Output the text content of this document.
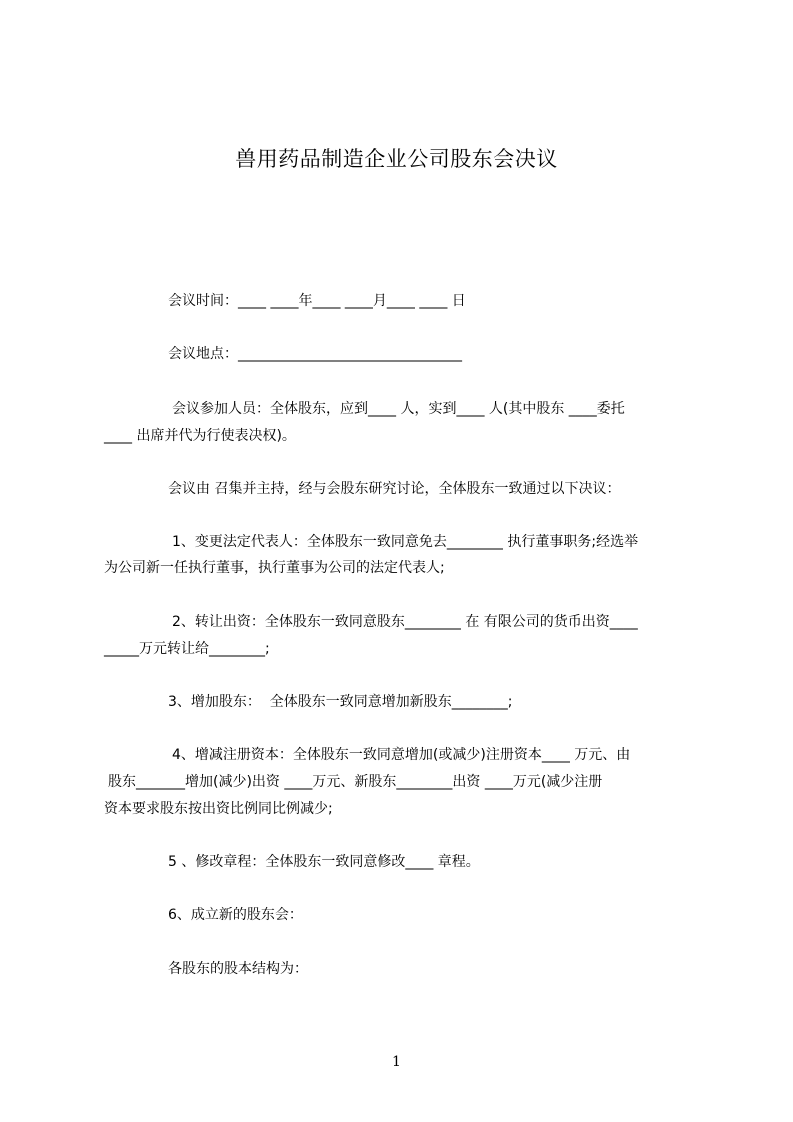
兽用药品制造企业公司股东会决议
会议时间：____ ____年____ ____月____ ____ 日
会议地点：________________________________
会议参加人员：全体股东，应到____ 人，实到____ 人(其中股东 ____委托
____ 出席并代为行使表决权)。
会议由 召集并主持，经与会股东研究讨论，全体股东一致通过以下决议：
1、变更法定代表人：全体股东一致同意免去________ 执行董事职务;经选举
为公司新一任执行董事，执行董事为公司的法定代表人;
2、转让出资：全体股东一致同意股东________ 在 有限公司的货币出资____
_____万元转让给________;
3、增加股东：  全体股东一致同意增加新股东________;
4、增减注册资本：全体股东一致同意增加(或减少)注册资本____ 万元、由
股东_______增加(减少)出资 ____万元、新股东________出资 ____万元(减少注册
资本要求股东按出资比例同比例减少;
5 、修改章程：全体股东一致同意修改____ 章程。
6、成立新的股东会：
各股东的股本结构为：
1
